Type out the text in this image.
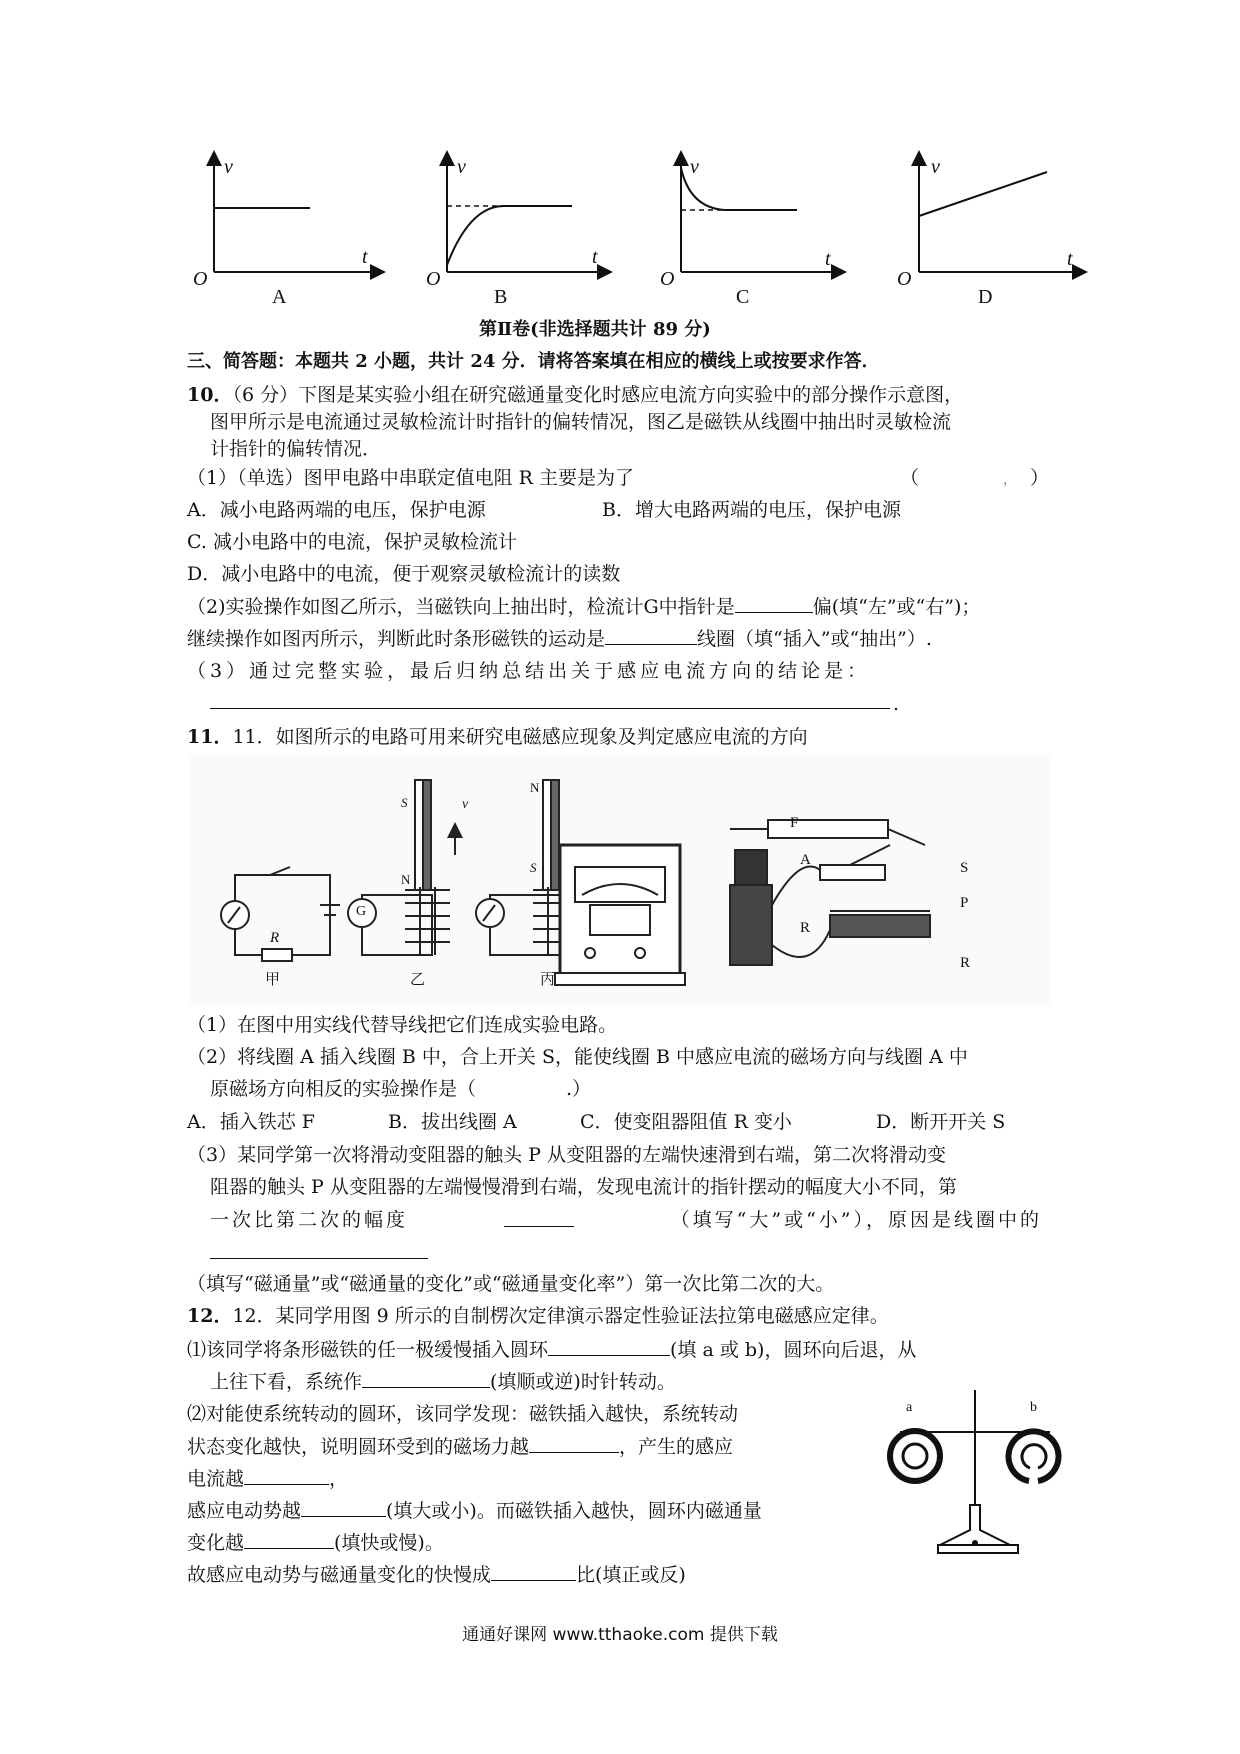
v
t
O
A
v
t
O
B
v
t
O
C
v
t
O
D
第Ⅱ卷(非选择题共计 89 分)
三、简答题：本题共 2 小题，共计 24 分．请将答案填在相应的横线上或按要求作答．
10．（6 分）下图是某实验小组在研究磁通量变化时感应电流方向实验中的部分操作示意图，
图甲所示是电流通过灵敏检流计时指针的偏转情况，图乙是磁铁从线圈中抽出时灵敏检流
计指针的偏转情况．
（1）（单选）图甲电路中串联定值电阻 R 主要是为了	（	， ）
A．减小电路两端的电压，保护电源	B．增大电路两端的电压，保护电源
C. 减小电路中的电流，保护灵敏检流计
D．减小电路中的电流，便于观察灵敏检流计的读数
（2)实验操作如图乙所示，当磁铁向上抽出时，检流计G中指针是	偏(填“左”或“右”)；
继续操作如图丙所示，判断此时条形磁铁的运动是	线圈（填“插入”或“抽出”）.
（3）通过完整实验，最后归纳总结出关于感应电流方向的结论是：
.
11．11．如图所示的电路可用来研究电磁感应现象及判定感应电流的方向
甲	乙	丙
R
G
S
N
v
N
S
F
A
R
S
P
R
（1）在图中用实线代替导线把它们连成实验电路。
（2）将线圈 A 插入线圈 B 中，合上开关 S，能使线圈 B 中感应电流的磁场方向与线圈 A 中
原磁场方向相反的实验操作是（	.）
A．插入铁芯 F	B．拔出线圈 A	C．使变阻器阻值 R 变小	D．断开开关 S
（3）某同学第一次将滑动变阻器的触头 P 从变阻器的左端快速滑到右端，第二次将滑动变
阻器的触头 P 从变阻器的左端慢慢滑到右端，发现电流计的指针摆动的幅度大小不同，第
一次比第二次的幅度	（填写“大”或“小”），原因是线圈中的
（填写“磁通量”或“磁通量的变化”或“磁通量变化率”）第一次比第二次的大。
12．12．某同学用图 9 所示的自制楞次定律演示器定性验证法拉第电磁感应定律。
⑴该同学将条形磁铁的任一极缓慢插入圆环	(填 a 或 b)，圆环向后退，从
上往下看，系统作	(填顺或逆)时针转动。
⑵对能使系统转动的圆环，该同学发现：磁铁插入越快，系统转动
状态变化越快，说明圆环受到的磁场力越	，产生的感应
电流越	，
感应电动势越	(填大或小)。而磁铁插入越快，圆环内磁通量
变化越	(填快或慢)。
故感应电动势与磁通量变化的快慢成	比(填正或反)
a	b
通通好课网 www.tthaoke.com 提供下载
